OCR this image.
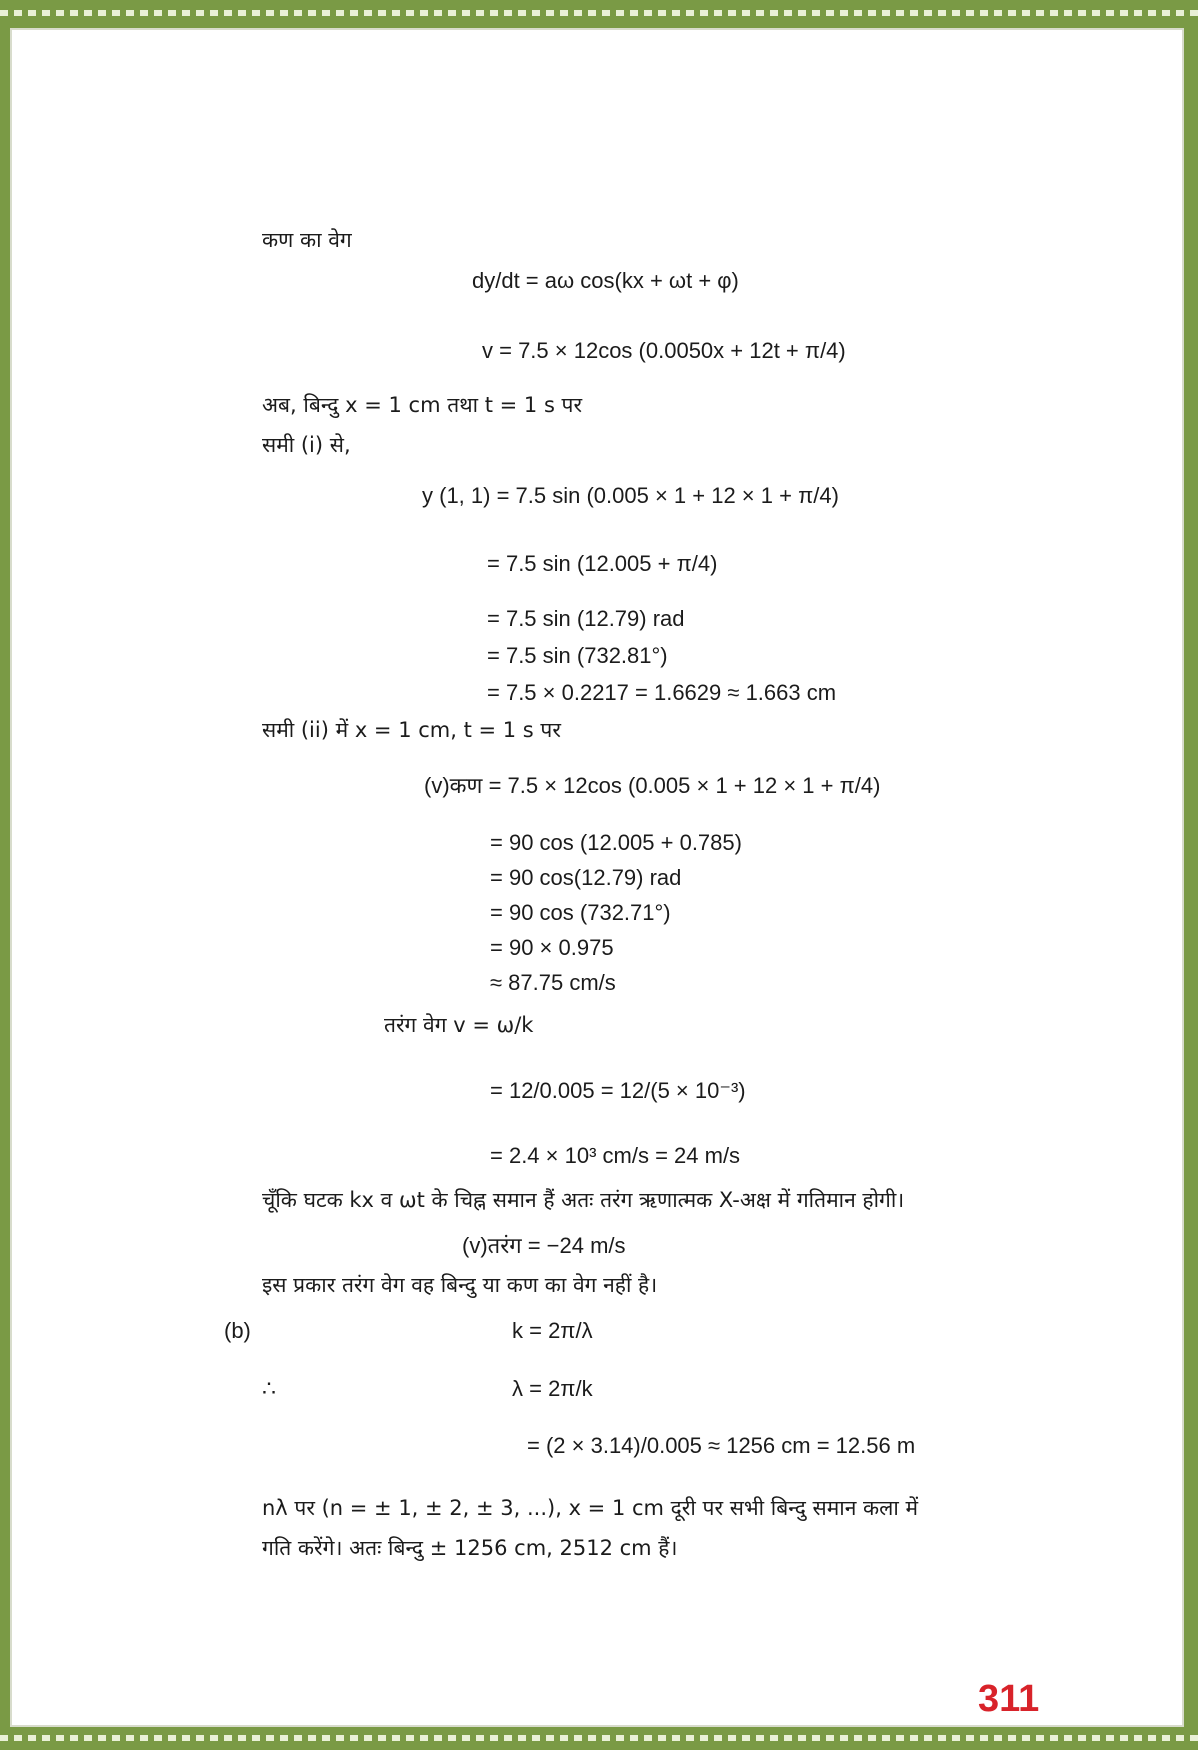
कण का वेग
dy/dt = aω cos(kx + ωt + φ)
v = 7.5 × 12cos (0.0050x + 12t + π/4)
अब, बिन्दु x = 1 cm तथा t = 1 s पर
समी (i) से,
y (1, 1) = 7.5 sin (0.005 × 1 + 12 × 1 + π/4)
= 7.5 sin (12.005 + π/4)
= 7.5 sin (12.79) rad
= 7.5 sin (732.81°)
= 7.5 × 0.2217 = 1.6629 ≈ 1.663 cm
समी (ii) में x = 1 cm, t = 1 s पर
(v)कण = 7.5 × 12cos (0.005 × 1 + 12 × 1 + π/4)
= 90 cos (12.005 + 0.785)
= 90 cos(12.79) rad
= 90 cos (732.71°)
= 90 × 0.975
≈ 87.75 cm/s
तरंग वेग v = ω/k
= 12/0.005 = 12/(5 × 10⁻³)
= 2.4 × 10³ cm/s = 24 m/s
चूँकि घटक kx व ωt के चिह्न समान हैं अतः तरंग ऋणात्मक X-अक्ष में गतिमान होगी।
(v)तरंग = −24 m/s
इस प्रकार तरंग वेग वह बिन्दु या कण का वेग नहीं है।
(b)	k = 2π/λ
∴	λ = 2π/k
= (2 × 3.14)/0.005 ≈ 1256 cm = 12.56 m
nλ पर (n = ± 1, ± 2, ± 3, ...), x = 1 cm दूरी पर सभी बिन्दु समान कला में
गति करेंगे। अतः बिन्दु ± 1256 cm, 2512 cm हैं।
311
